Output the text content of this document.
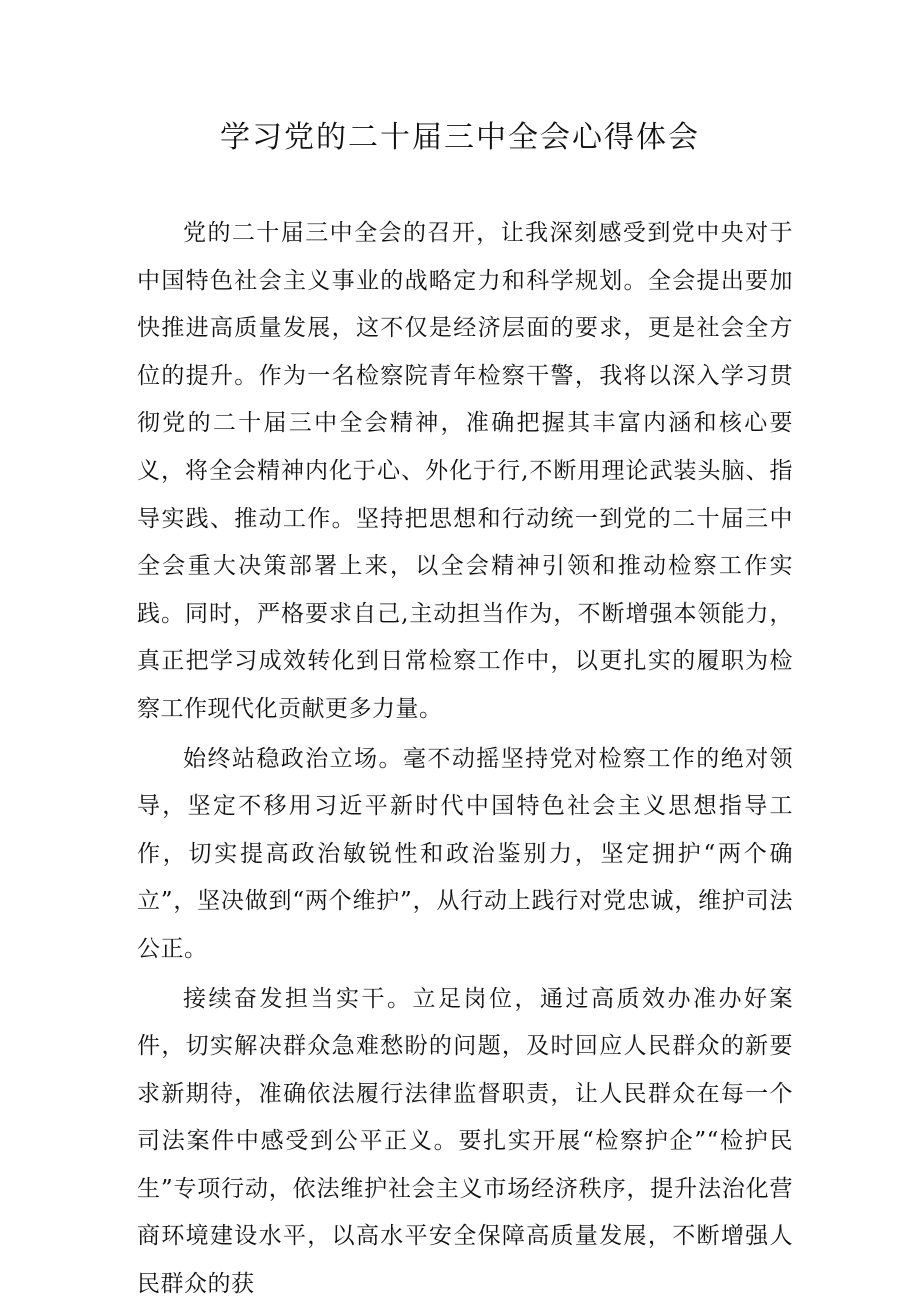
学习党的二十届三中全会心得体会

党的二十届三中全会的召开，让我深刻感受到党中央对于中国特色社会主义事业的战略定力和科学规划。全会提出要加快推进高质量发展，这不仅是经济层面的要求，更是社会全方位的提升。作为一名检察院青年检察干警，我将以深入学习贯彻党的二十届三中全会精神，准确把握其丰富内涵和核心要义，将全会精神内化于心、外化于行,不断用理论武装头脑、指导实践、推动工作。坚持把思想和行动统一到党的二十届三中全会重大决策部署上来，以全会精神引领和推动检察工作实践。同时，严格要求自己,主动担当作为，不断增强本领能力，真正把学习成效转化到日常检察工作中，以更扎实的履职为检察工作现代化贡献更多力量。

始终站稳政治立场。毫不动摇坚持党对检察工作的绝对领导，坚定不移用习近平新时代中国特色社会主义思想指导工作，切实提高政治敏锐性和政治鉴别力，坚定拥护“两个确立”，坚决做到“两个维护”，从行动上践行对党忠诚，维护司法公正。

接续奋发担当实干。立足岗位，通过高质效办准办好案件，切实解决群众急难愁盼的问题，及时回应人民群众的新要求新期待，准确依法履行法律监督职责，让人民群众在每一个司法案件中感受到公平正义。要扎实开展“检察护企”“检护民生”专项行动，依法维护社会主义市场经济秩序，提升法治化营商环境建设水平，以高水平安全保障高质量发展，不断增强人民群众的获
